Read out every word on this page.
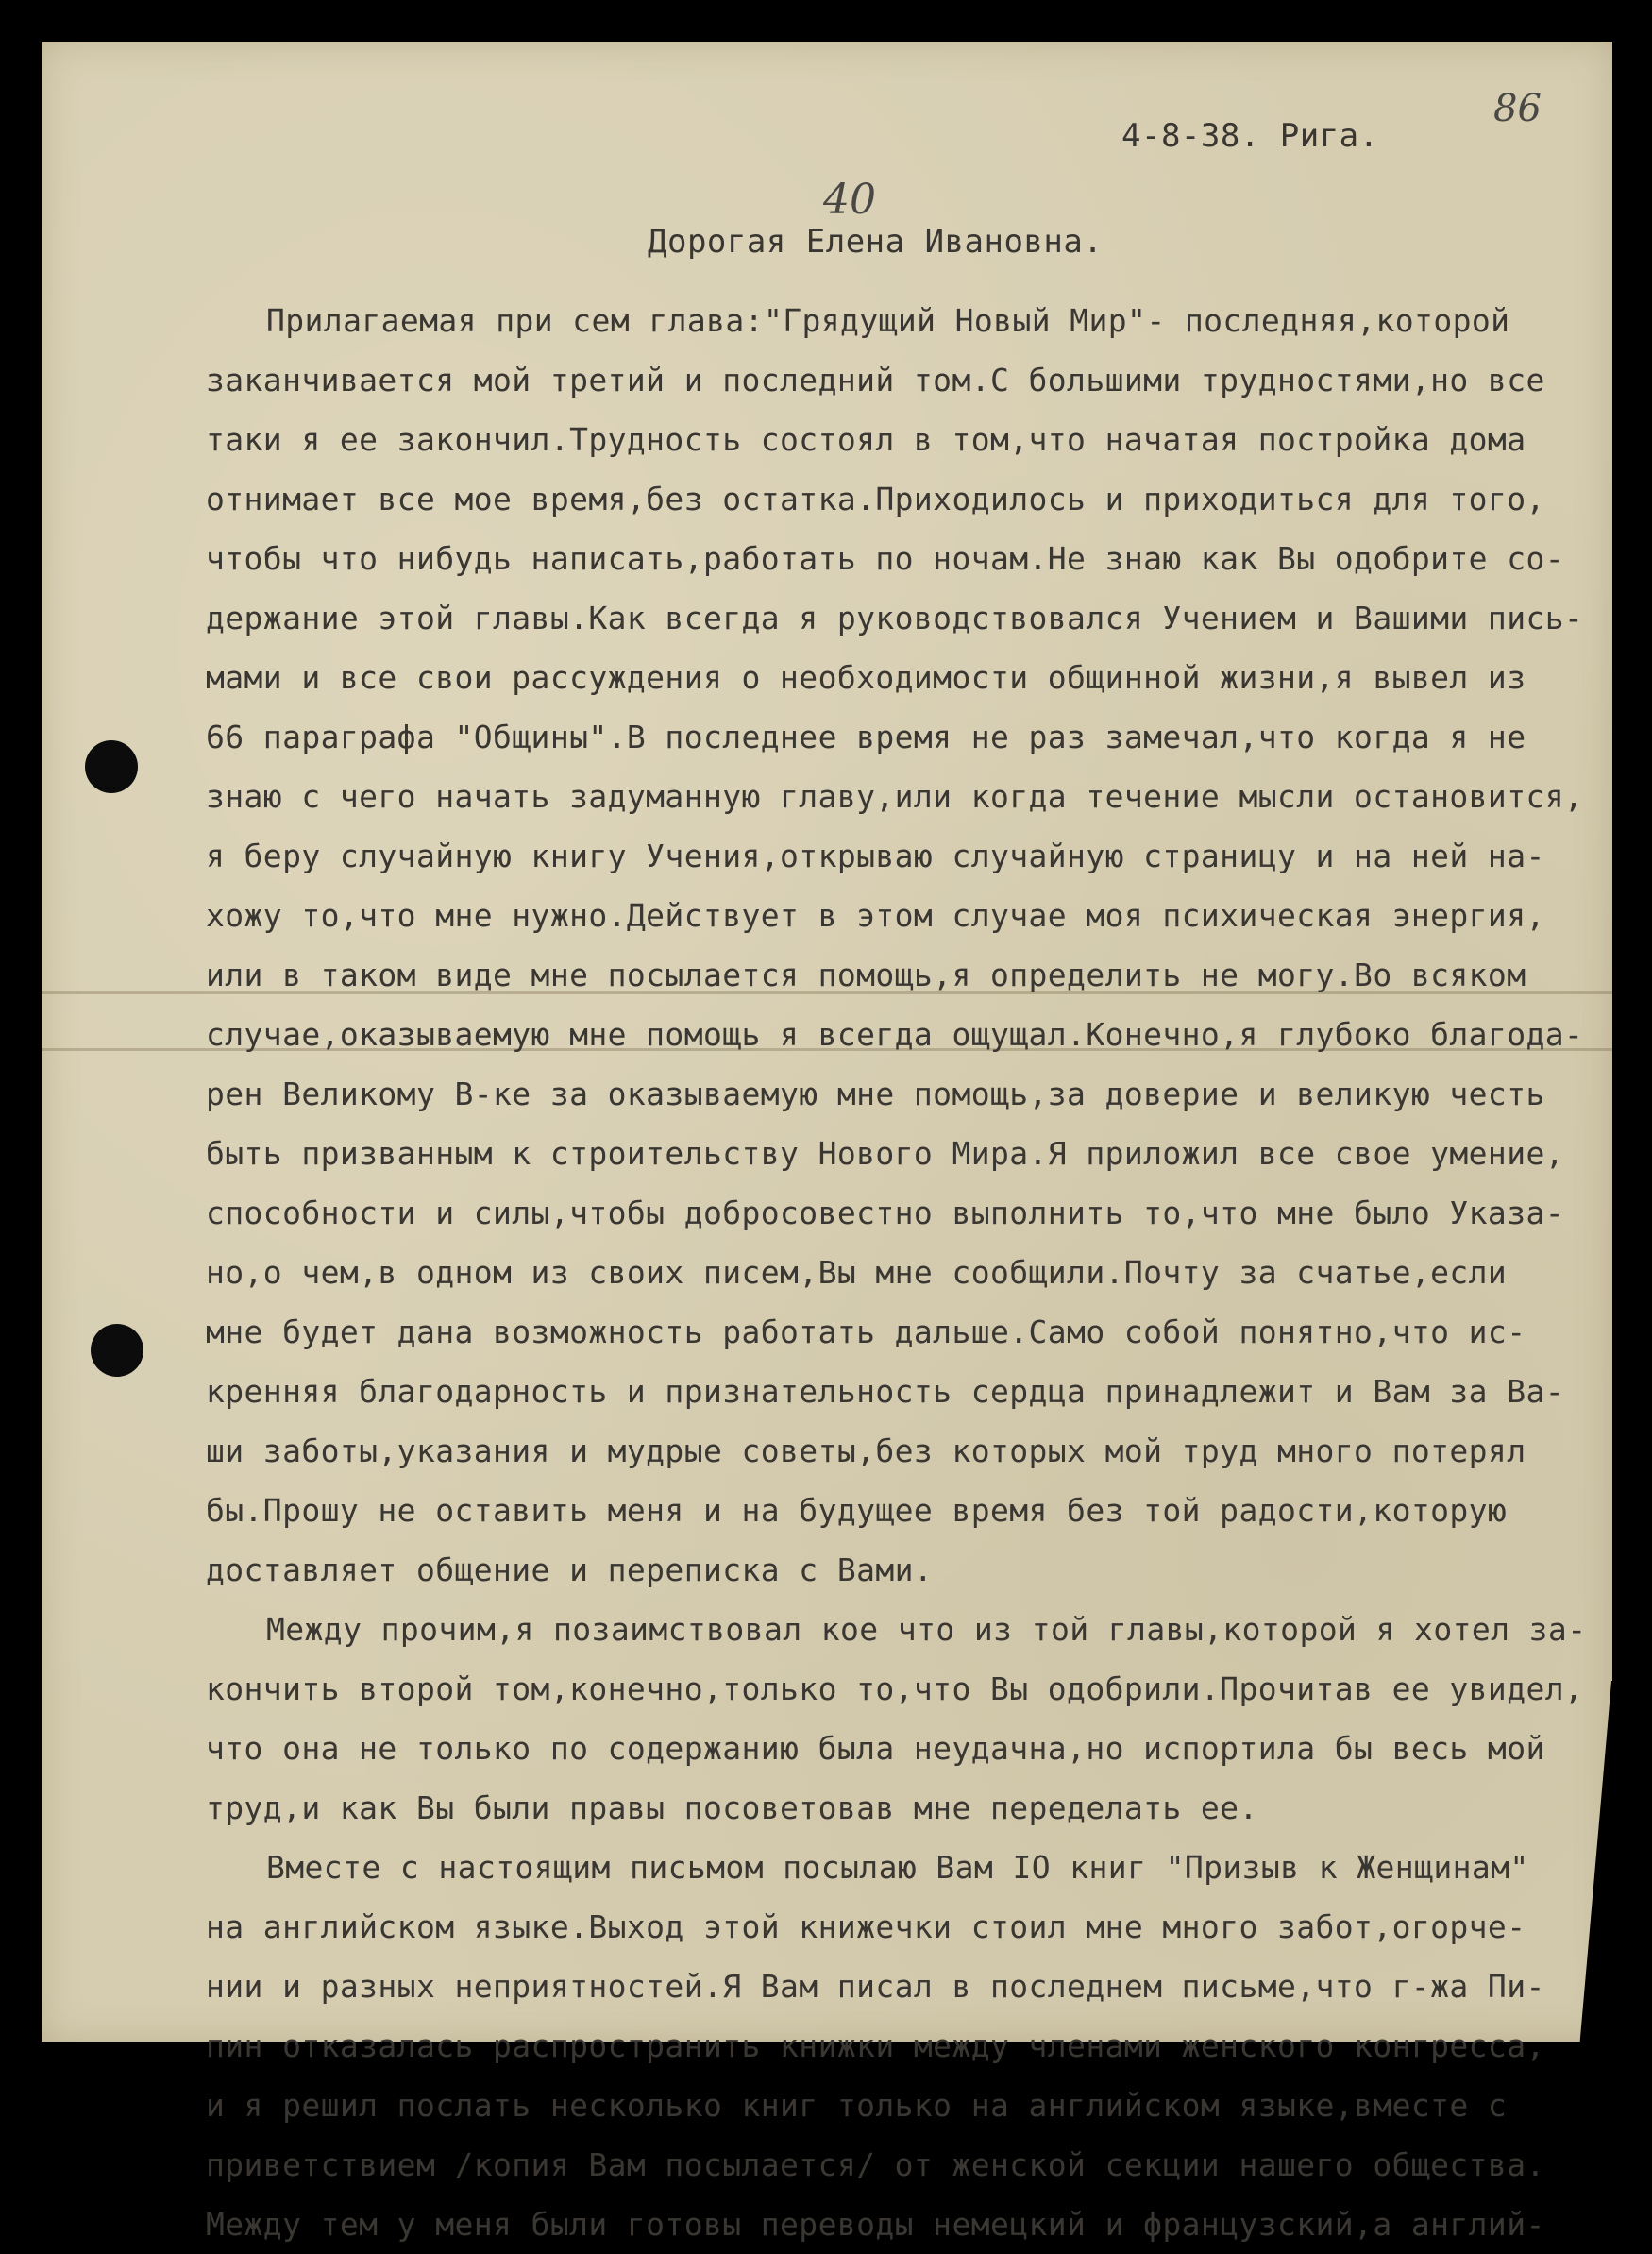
86
40
4-8-38. Рига.
Дорогая Елена Ивановна.
Прилагаемая при сем глава:"Грядущий Новый Мир"- последняя,которой
заканчивается мой третий и последний том.С большими трудностями,но все
таки я ее закончил.Трудность состоял в том,что начатая постройка дома
отнимает все мое время,без остатка.Приходилось и приходиться для того,
чтобы что нибудь написать,работать по ночам.Не знаю как Вы одобрите со-
держание этой главы.Как всегда я руководствовался Учением и Вашими пись-
мами и все свои рассуждения о необходимости общинной жизни,я вывел из
66 параграфа "Общины".В последнее время не раз замечал,что когда я не
знаю с чего начать задуманную главу,или когда течение мысли остановится,
я беру случайную книгу Учения,открываю случайную страницу и на ней на-
хожу то,что мне нужно.Действует в этом случае моя психическая энергия,
или в таком виде мне посылается помощь,я определить не могу.Во всяком
случае,оказываемую мне помощь я всегда ощущал.Конечно,я глубоко благода-
рен Великому В-ке за оказываемую мне помощь,за доверие и великую честь
быть призванным к строительству Нового Мира.Я приложил все свое умение,
способности и силы,чтобы добросовестно выполнить то,что мне было Указа-
но,о чем,в одном из своих писем,Вы мне сообщили.Почту за счатье,если
мне будет дана возможность работать дальше.Само собой понятно,что ис-
кренняя благодарность и признательность сердца принадлежит и Вам за Ва-
ши заботы,указания и мудрые советы,без которых мой труд много потерял
бы.Прошу не оставить меня и на будущее время без той радости,которую
доставляет общение и переписка с Вами.
Между прочим,я позаимствовал кое что из той главы,которой я хотел за-
кончить второй том,конечно,только то,что Вы одобрили.Прочитав ее увидел,
что она не только по содержанию была неудачна,но испортила бы весь мой
труд,и как Вы были правы посоветовав мне переделать ее.
Вместе с настоящим письмом посылаю Вам IO книг "Призыв к Женщинам"
на английском языке.Выход этой книжечки стоил мне много забот,огорче-
нии и разных неприятностей.Я Вам писал в последнем письме,что г-жа Пи-
пин отказалась распространить книжки между членами женского конгресса,
и я решил послать несколько книг только на английском языке,вместе с
приветствием /копия Вам посылается/ от женской секции нашего общества.
Между тем у меня были готовы переводы немецкий и французский,а англий-
